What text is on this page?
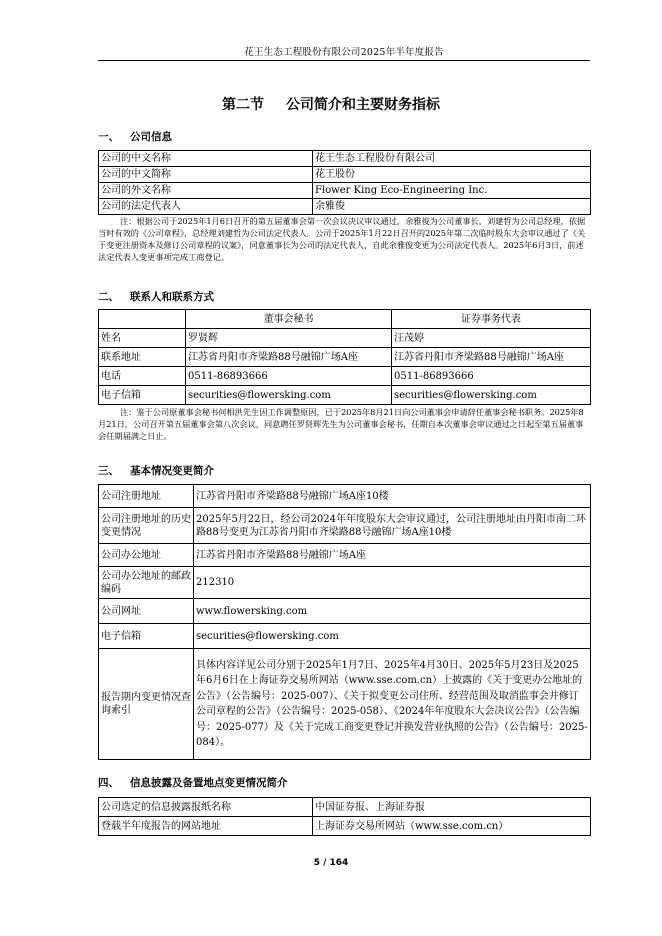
花王生态工程股份有限公司2025年半年度报告
第二节 公司简介和主要财务指标
一、 公司信息
公司的中文名称	花王生态工程股份有限公司
公司的中文简称	花王股份
公司的外文名称	Flower King Eco-Engineering Inc.
公司的法定代表人	余雅俊
注：根据公司于2025年1月6日召开的第五届董事会第一次会议决议审议通过，余雅俊为公司董事长，刘建哲为公司总经理，依据当时有效的《公司章程》，总经理刘建哲为公司法定代表人。公司于2025年1月22日召开的2025年第二次临时股东大会审议通过了《关于变更注册资本及修订公司章程的议案》，同意董事长为公司的法定代表人，自此余雅俊变更为公司法定代表人。2025年6月3日，前述法定代表人变更事项完成工商登记。
二、 联系人和联系方式
	董事会秘书	证券事务代表
姓名	罗贤辉	汪茂婷
联系地址	江苏省丹阳市齐梁路88号融锦广场A座	江苏省丹阳市齐梁路88号融锦广场A座
电话	0511-86893666	0511-86893666
电子信箱	securities@flowersking.com	securities@flowersking.com
注：鉴于公司原董事会秘书何相洪先生因工作调整原因，已于2025年8月21日向公司董事会申请辞任董事会秘书职务。2025年8月21日，公司召开第五届董事会第八次会议，同意聘任罗贤辉先生为公司董事会秘书，任期自本次董事会审议通过之日起至第五届董事会任期届满之日止。
三、 基本情况变更简介
公司注册地址	江苏省丹阳市齐梁路88号融锦广场A座10楼
公司注册地址的历史变更情况	2025年5月22日，经公司2024年年度股东大会审议通过，公司注册地址由丹阳市南二环路88号变更为江苏省丹阳市齐梁路88号融锦广场A座10楼
公司办公地址	江苏省丹阳市齐梁路88号融锦广场A座
公司办公地址的邮政编码	212310
公司网址	www.flowersking.com
电子信箱	securities@flowersking.com
报告期内变更情况查询索引	具体内容详见公司分别于2025年1月7日、2025年4月30日、2025年5月23日及2025年6月6日在上海证券交易所网站（www.sse.com.cn）上披露的《关于变更办公地址的公告》（公告编号：2025-007）、《关于拟变更公司住所、经营范围及取消监事会并修订公司章程的公告》（公告编号：2025-058）、《2024年年度股东大会决议公告》（公告编号：2025-077）及《关于完成工商变更登记并换发营业执照的公告》（公告编号：2025-084）。
四、 信息披露及备置地点变更情况简介
公司选定的信息披露报纸名称	中国证券报、上海证券报
登载半年度报告的网站地址	上海证券交易所网站（www.sse.com.cn）
5 / 164
